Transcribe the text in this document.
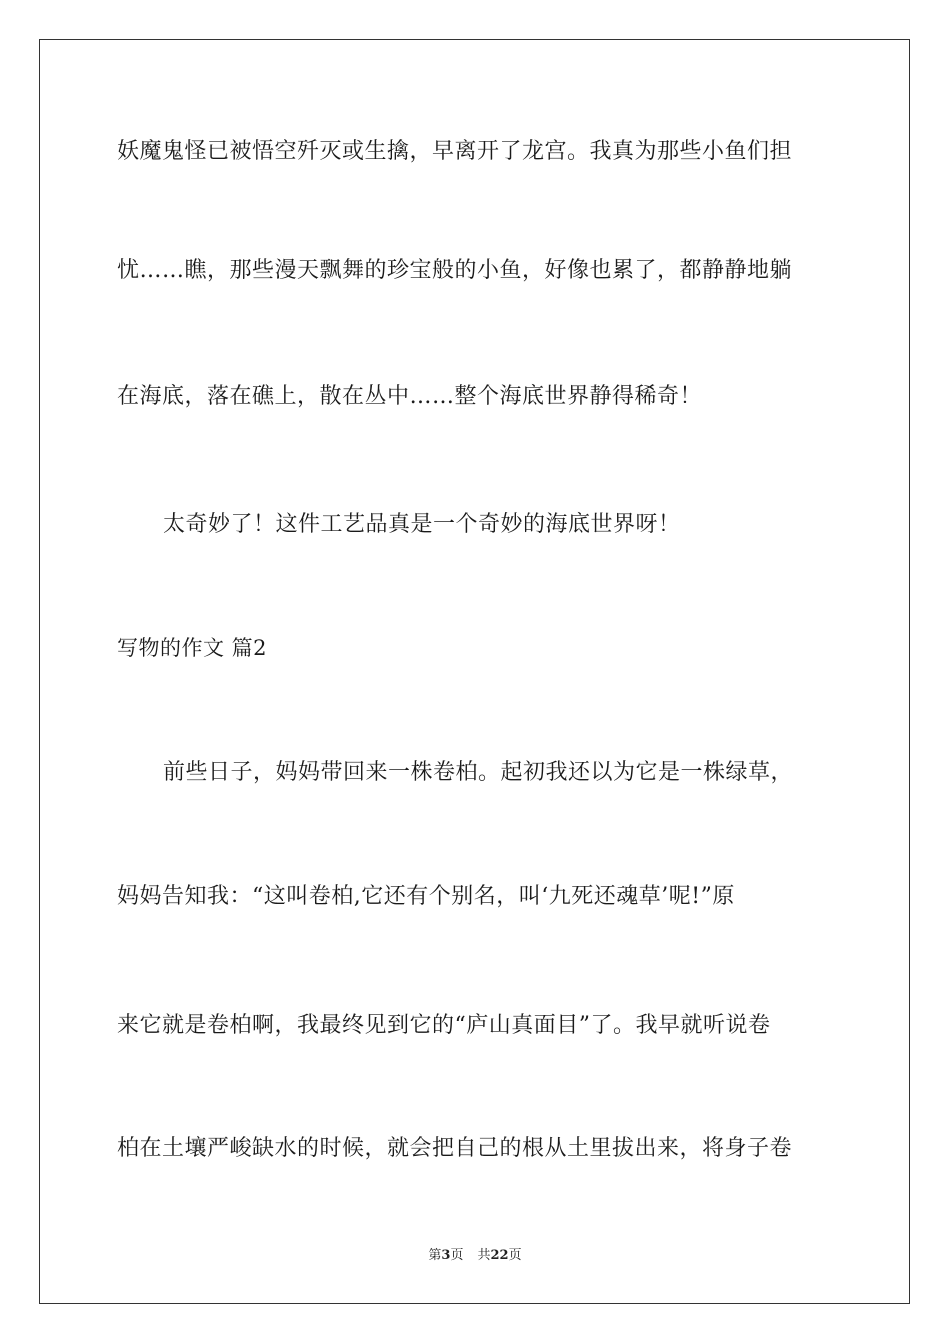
妖魔鬼怪已被悟空歼灭或生擒，早离开了龙宫。我真为那些小鱼们担
忧……瞧，那些漫天飘舞的珍宝般的小鱼，好像也累了，都静静地躺
在海底，落在礁上，散在丛中……整个海底世界静得稀奇！
太奇妙了！这件工艺品真是一个奇妙的海底世界呀！
写物的作文 篇2
前些日子，妈妈带回来一株卷柏。起初我还以为它是一株绿草，
妈妈告知我：“这叫卷柏,它还有个别名，叫‘九死还魂草’呢!”原
来它就是卷柏啊，我最终见到它的“庐山真面目”了。我早就听说卷
柏在土壤严峻缺水的时候，就会把自己的根从土里拔出来，将身子卷
第3页 共22页
